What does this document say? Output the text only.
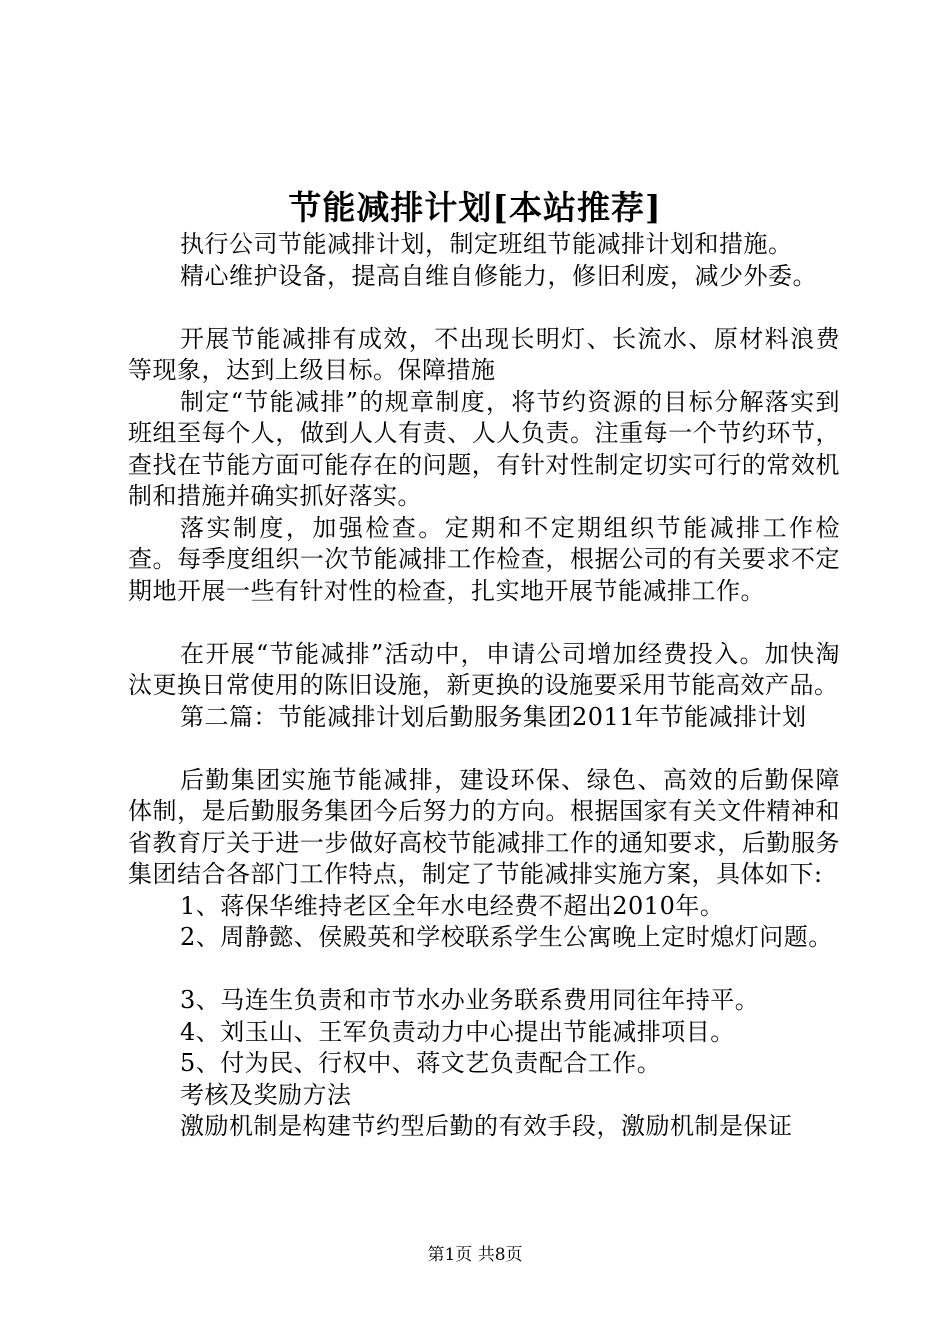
节能减排计划[本站推荐]

执行公司节能减排计划，制定班组节能减排计划和措施。

精心维护设备，提高自维自修能力，修旧利废，减少外委。

开展节能减排有成效，不出现长明灯、长流水、原材料浪费等现象，达到上级目标。保障措施

制定“节能减排”的规章制度，将节约资源的目标分解落实到班组至每个人，做到人人有责、人人负责。注重每一个节约环节，查找在节能方面可能存在的问题，有针对性制定切实可行的常效机制和措施并确实抓好落实。

落实制度，加强检查。定期和不定期组织节能减排工作检查。每季度组织一次节能减排工作检查，根据公司的有关要求不定期地开展一些有针对性的检查，扎实地开展节能减排工作。

在开展“节能减排”活动中，申请公司增加经费投入。加快淘汰更换日常使用的陈旧设施，新更换的设施要采用节能高效产品。

第二篇：节能减排计划后勤服务集团2011年节能减排计划

后勤集团实施节能减排，建设环保、绿色、高效的后勤保障体制，是后勤服务集团今后努力的方向。根据国家有关文件精神和省教育厅关于进一步做好高校节能减排工作的通知要求，后勤服务集团结合各部门工作特点，制定了节能减排实施方案，具体如下:

1、蒋保华维持老区全年水电经费不超出2010年。

2、周静懿、侯殿英和学校联系学生公寓晚上定时熄灯问题。

3、马连生负责和市节水办业务联系费用同往年持平。

4、刘玉山、王军负责动力中心提出节能减排项目。

5、付为民、行权中、蒋文艺负责配合工作。

考核及奖励方法

激励机制是构建节约型后勤的有效手段，激励机制是保证

第1页 共8页
